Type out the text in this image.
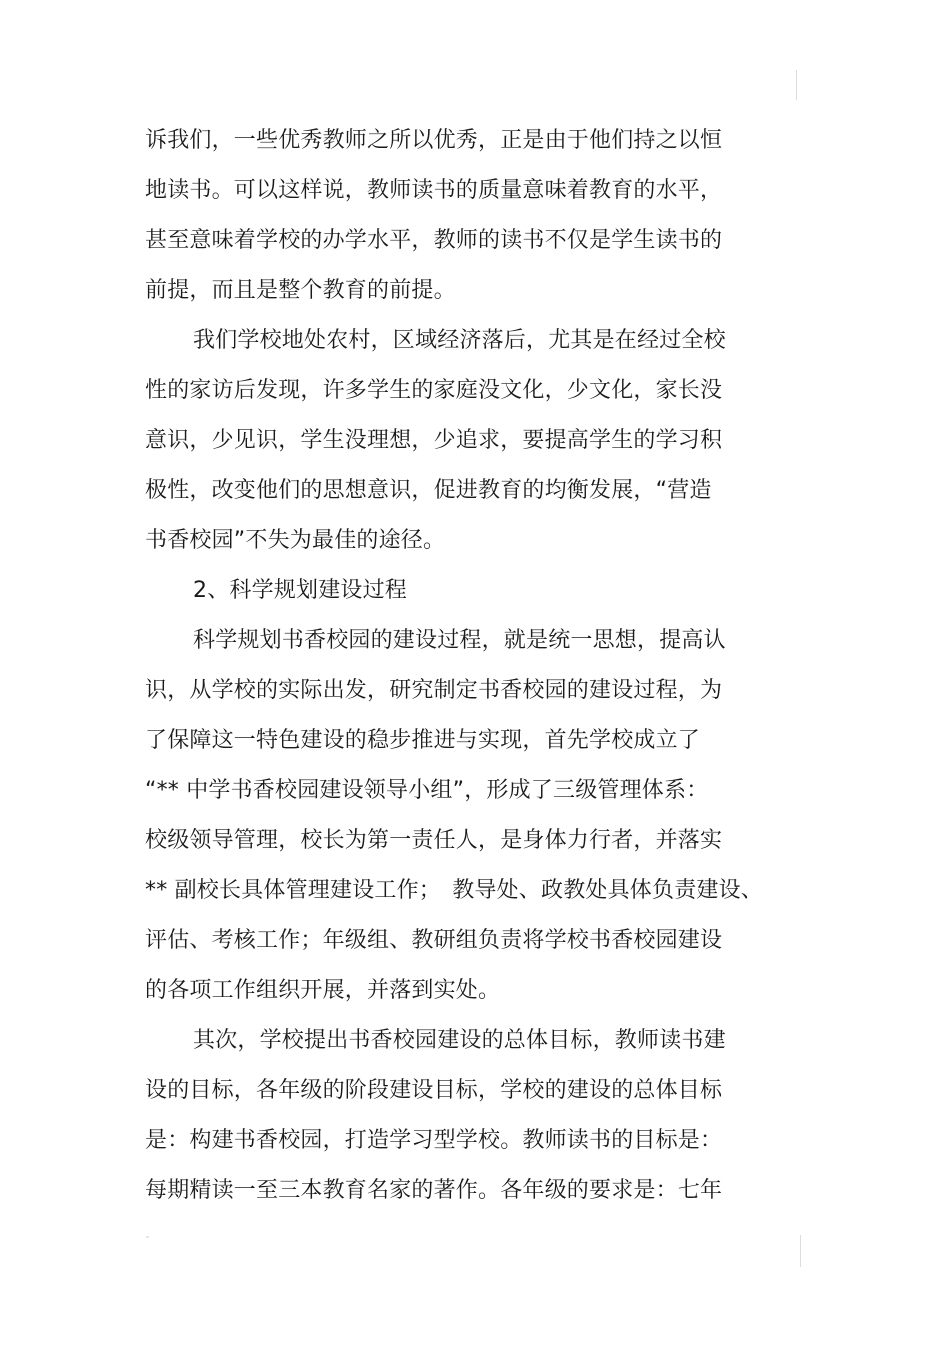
诉我们，一些优秀教师之所以优秀，正是由于他们持之以恒
地读书。可以这样说，教师读书的质量意味着教育的水平，
甚至意味着学校的办学水平，教师的读书不仅是学生读书的
前提，而且是整个教育的前提。
我们学校地处农村，区域经济落后，尤其是在经过全校
性的家访后发现，许多学生的家庭没文化，少文化，家长没
意识，少见识，学生没理想，少追求，要提高学生的学习积
极性，改变他们的思想意识，促进教育的均衡发展，“营造
书香校园”不失为最佳的途径。
2、科学规划建设过程
科学规划书香校园的建设过程，就是统一思想，提高认
识，从学校的实际出发，研究制定书香校园的建设过程，为
了保障这一特色建设的稳步推进与实现，首先学校成立了
“** 中学书香校园建设领导小组”，形成了三级管理体系：
校级领导管理，校长为第一责任人，是身体力行者，并落实
** 副校长具体管理建设工作；　教导处、政教处具体负责建设、
评估、考核工作；年级组、教研组负责将学校书香校园建设
的各项工作组织开展，并落到实处。
其次，学校提出书香校园建设的总体目标，教师读书建
设的目标，各年级的阶段建设目标，学校的建设的总体目标
是：构建书香校园，打造学习型学校。教师读书的目标是：
每期精读一至三本教育名家的著作。各年级的要求是：七年
